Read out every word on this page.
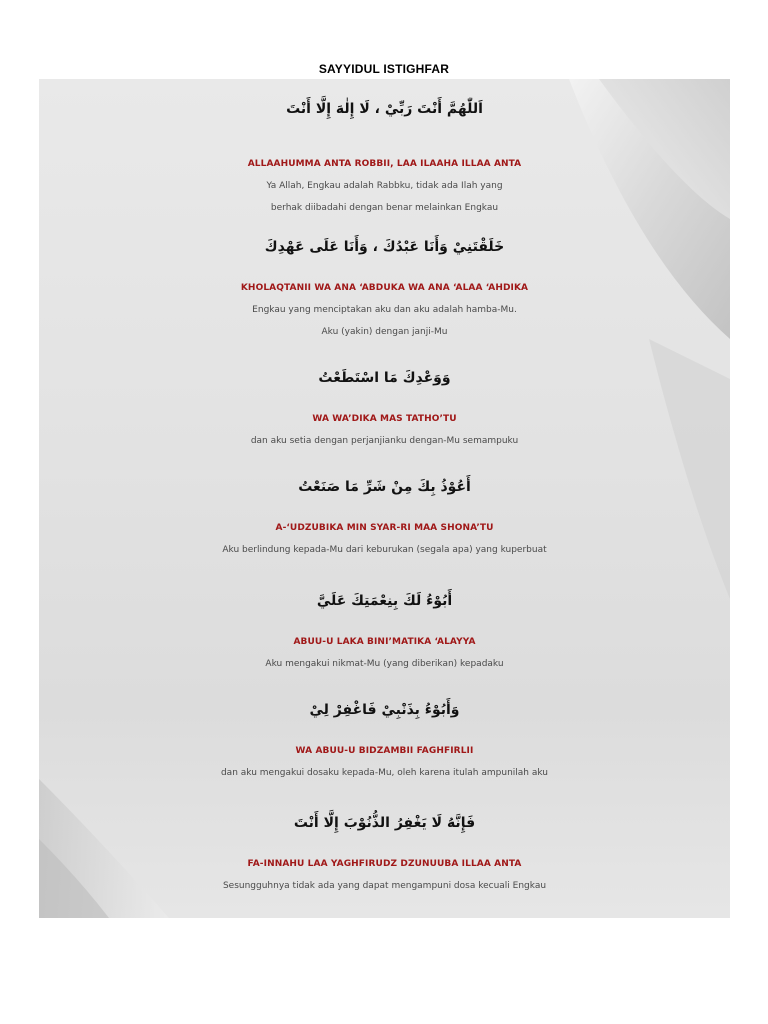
SAYYIDUL ISTIGHFAR
اَللّٰهُمَّ أَنْتَ رَبِّيْ ، لَا إِلٰهَ إِلَّا أَنْتَ
ALLAAHUMMA ANTA ROBBII, LAA ILAAHA ILLAA ANTA
Ya Allah, Engkau adalah Rabbku, tidak ada Ilah yang
berhak diibadahi dengan benar melainkan Engkau
خَلَقْتَنِيْ وَأَنَا عَبْدُكَ ، وَأَنَا عَلَى عَهْدِكَ
KHOLAQTANII WA ANA ‘ABDUKA WA ANA ‘ALAA ‘AHDIKA
Engkau yang menciptakan aku dan aku adalah hamba-Mu.
Aku (yakin) dengan janji-Mu
وَوَعْدِكَ مَا اسْتَطَعْتُ
WA WA’DIKA MAS TATHO’TU
dan aku setia dengan perjanjianku dengan-Mu semampuku
أَعُوْذُ بِكَ مِنْ شَرِّ مَا صَنَعْتُ
A-‘UDZUBIKA MIN SYAR-RI MAA SHONA’TU
Aku berlindung kepada-Mu dari keburukan (segala apa) yang kuperbuat
أَبُوْءُ لَكَ بِنِعْمَتِكَ عَلَيَّ
ABUU-U LAKA BINI’MATIKA ‘ALAYYA
Aku mengakui nikmat-Mu (yang diberikan) kepadaku
وَأَبُوْءُ بِذَنْبِيْ فَاغْفِرْ لِيْ
WA ABUU-U BIDZAMBII FAGHFIRLII
dan aku mengakui dosaku kepada-Mu, oleh karena itulah ampunilah aku
فَإِنَّهُ لَا يَغْفِرُ الذُّنُوْبَ إِلَّا أَنْتَ
FA-INNAHU LAA YAGHFIRUDZ DZUNUUBA ILLAA ANTA
Sesungguhnya tidak ada yang dapat mengampuni dosa kecuali Engkau
